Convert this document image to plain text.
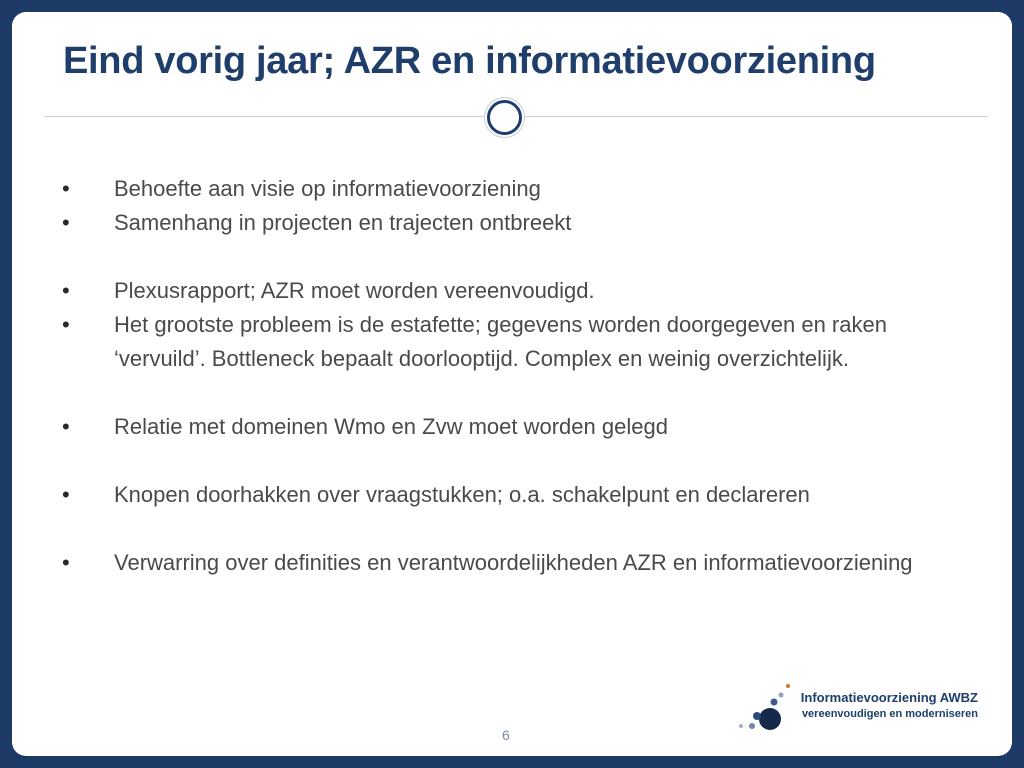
Eind vorig jaar; AZR en informatievoorziening
•	Behoefte aan visie op informatievoorziening
•	Samenhang in projecten en trajecten ontbreekt
•	Plexusrapport; AZR moet worden vereenvoudigd.
•	Het grootste probleem is de estafette; gegevens worden doorgegeven en raken ‘vervuild’. Bottleneck bepaalt doorlooptijd. Complex en weinig overzichtelijk.
•	Relatie met domeinen Wmo en Zvw moet worden gelegd
•	Knopen doorhakken over vraagstukken; o.a. schakelpunt en declareren
•	Verwarring over definities en verantwoordelijkheden AZR en informatievoorziening
6
Informatievoorziening AWBZ
vereenvoudigen en moderniseren
